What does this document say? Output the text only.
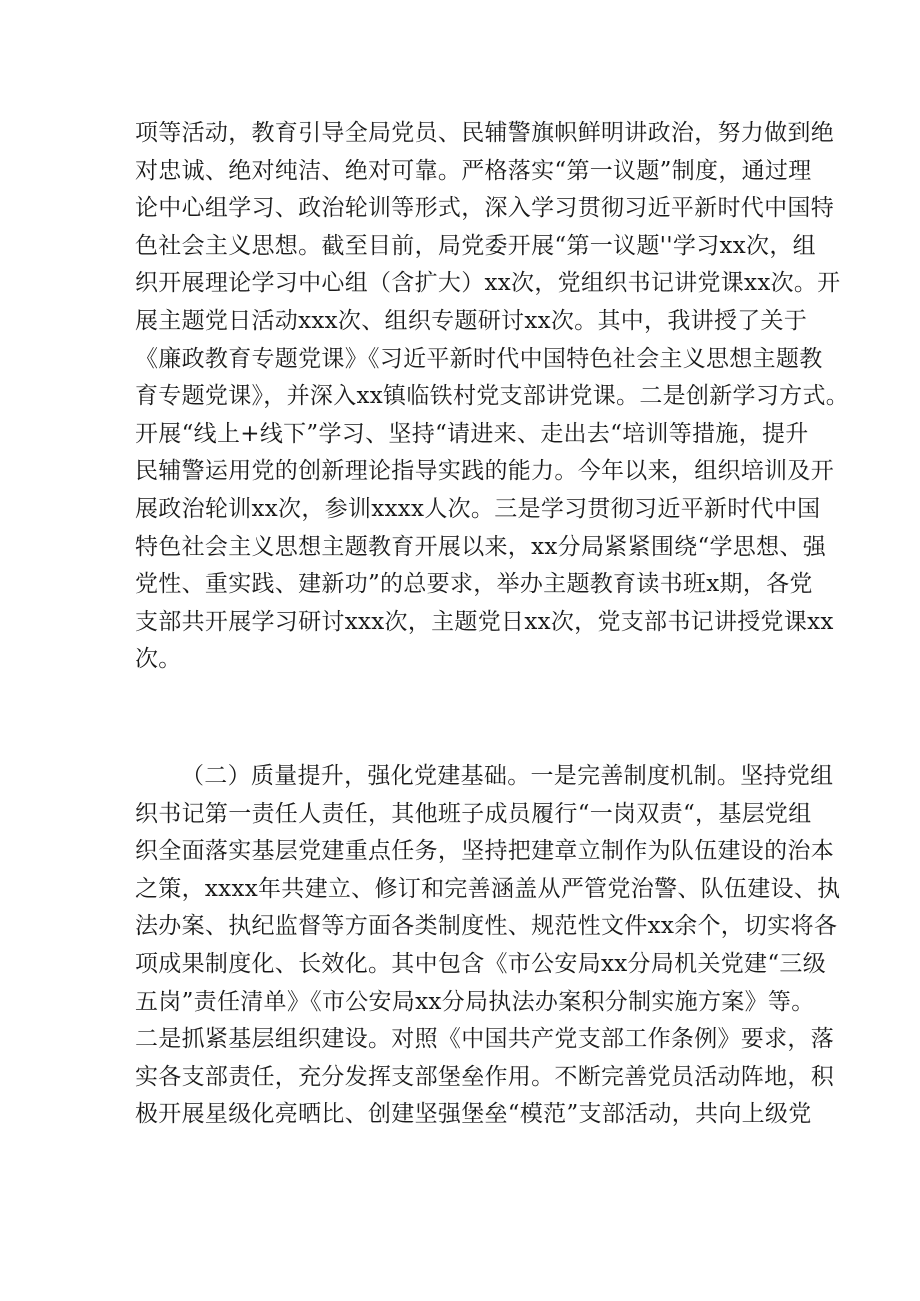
项等活动，教育引导全局党员、民辅警旗帜鲜明讲政治，努力做到绝
对忠诚、绝对纯洁、绝对可靠。严格落实“第一议题”制度，通过理
论中心组学习、政治轮训等形式，深入学习贯彻习近平新时代中国特
色社会主义思想。截至目前，局党委开展“第一议题''学习xx次，组
织开展理论学习中心组（含扩大）xx次，党组织书记讲党课xx次。开
展主题党日活动xxx次、组织专题研讨xx次。其中，我讲授了关于
《廉政教育专题党课》《习近平新时代中国特色社会主义思想主题教
育专题党课》，并深入xx镇临铁村党支部讲党课。二是创新学习方式。
开展“线上+线下”学习、坚持“请进来、走出去“培训等措施，提升
民辅警运用党的创新理论指导实践的能力。今年以来，组织培训及开
展政治轮训xx次，参训xxxx人次。三是学习贯彻习近平新时代中国
特色社会主义思想主题教育开展以来，xx分局紧紧围绕“学思想、强
党性、重实践、建新功”的总要求，举办主题教育读书班x期，各党
支部共开展学习研讨xxx次，主题党日xx次，党支部书记讲授党课xx
次。
（二）质量提升，强化党建基础。一是完善制度机制。坚持党组
织书记第一责任人责任，其他班子成员履行“一岗双责“，基层党组
织全面落实基层党建重点任务，坚持把建章立制作为队伍建设的治本
之策，xxxx年共建立、修订和完善涵盖从严管党治警、队伍建设、执
法办案、执纪监督等方面各类制度性、规范性文件xx余个，切实将各
项成果制度化、长效化。其中包含《市公安局xx分局机关党建“三级
五岗”责任清单》《市公安局xx分局执法办案积分制实施方案》等。
二是抓紧基层组织建设。对照《中国共产党支部工作条例》要求，落
实各支部责任，充分发挥支部堡垒作用。不断完善党员活动阵地，积
极开展星级化亮晒比、创建坚强堡垒“模范”支部活动，共向上级党
